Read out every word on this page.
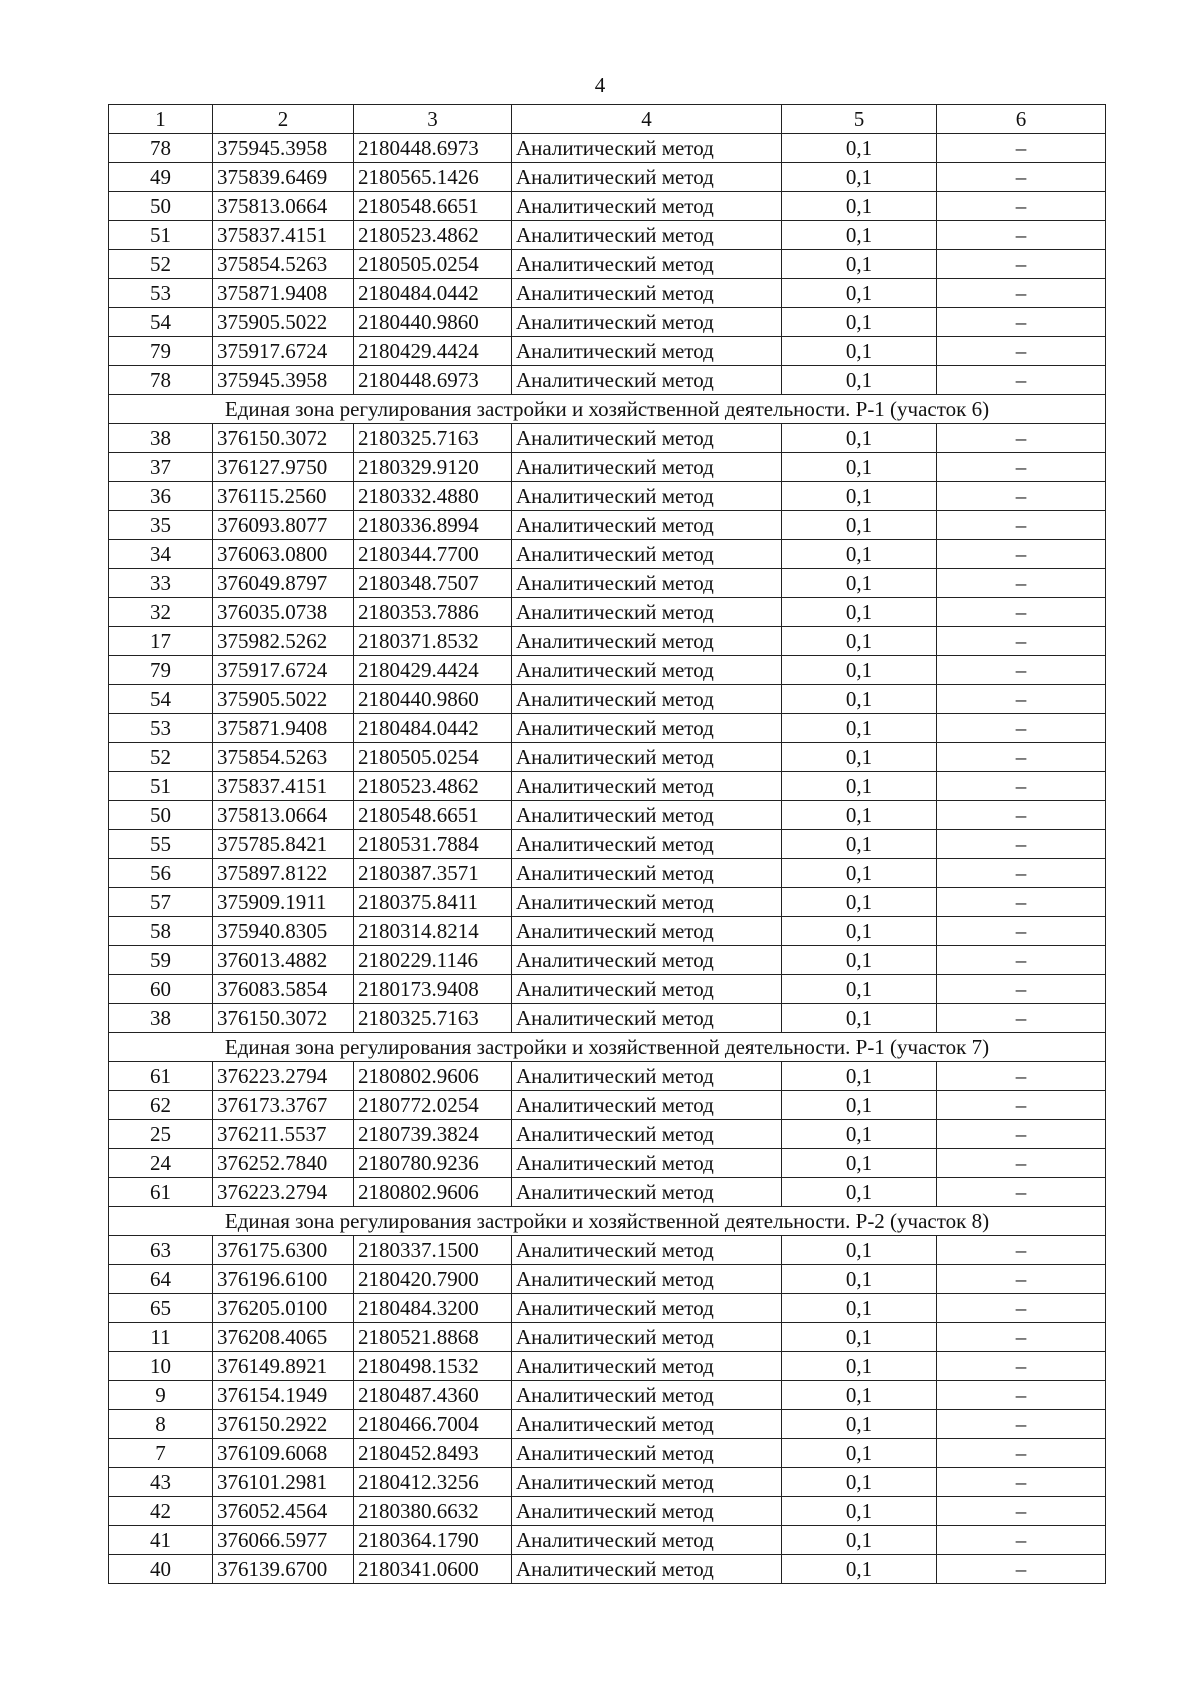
4
1	2	3	4	5	6
78	375945.3958	2180448.6973	Аналитический метод	0,1	–
49	375839.6469	2180565.1426	Аналитический метод	0,1	–
50	375813.0664	2180548.6651	Аналитический метод	0,1	–
51	375837.4151	2180523.4862	Аналитический метод	0,1	–
52	375854.5263	2180505.0254	Аналитический метод	0,1	–
53	375871.9408	2180484.0442	Аналитический метод	0,1	–
54	375905.5022	2180440.9860	Аналитический метод	0,1	–
79	375917.6724	2180429.4424	Аналитический метод	0,1	–
78	375945.3958	2180448.6973	Аналитический метод	0,1	–
Единая зона регулирования застройки и хозяйственной деятельности. Р-1 (участок 6)					
38	376150.3072	2180325.7163	Аналитический метод	0,1	–
37	376127.9750	2180329.9120	Аналитический метод	0,1	–
36	376115.2560	2180332.4880	Аналитический метод	0,1	–
35	376093.8077	2180336.8994	Аналитический метод	0,1	–
34	376063.0800	2180344.7700	Аналитический метод	0,1	–
33	376049.8797	2180348.7507	Аналитический метод	0,1	–
32	376035.0738	2180353.7886	Аналитический метод	0,1	–
17	375982.5262	2180371.8532	Аналитический метод	0,1	–
79	375917.6724	2180429.4424	Аналитический метод	0,1	–
54	375905.5022	2180440.9860	Аналитический метод	0,1	–
53	375871.9408	2180484.0442	Аналитический метод	0,1	–
52	375854.5263	2180505.0254	Аналитический метод	0,1	–
51	375837.4151	2180523.4862	Аналитический метод	0,1	–
50	375813.0664	2180548.6651	Аналитический метод	0,1	–
55	375785.8421	2180531.7884	Аналитический метод	0,1	–
56	375897.8122	2180387.3571	Аналитический метод	0,1	–
57	375909.1911	2180375.8411	Аналитический метод	0,1	–
58	375940.8305	2180314.8214	Аналитический метод	0,1	–
59	376013.4882	2180229.1146	Аналитический метод	0,1	–
60	376083.5854	2180173.9408	Аналитический метод	0,1	–
38	376150.3072	2180325.7163	Аналитический метод	0,1	–
Единая зона регулирования застройки и хозяйственной деятельности. Р-1 (участок 7)					
61	376223.2794	2180802.9606	Аналитический метод	0,1	–
62	376173.3767	2180772.0254	Аналитический метод	0,1	–
25	376211.5537	2180739.3824	Аналитический метод	0,1	–
24	376252.7840	2180780.9236	Аналитический метод	0,1	–
61	376223.2794	2180802.9606	Аналитический метод	0,1	–
Единая зона регулирования застройки и хозяйственной деятельности. Р-2 (участок 8)					
63	376175.6300	2180337.1500	Аналитический метод	0,1	–
64	376196.6100	2180420.7900	Аналитический метод	0,1	–
65	376205.0100	2180484.3200	Аналитический метод	0,1	–
11	376208.4065	2180521.8868	Аналитический метод	0,1	–
10	376149.8921	2180498.1532	Аналитический метод	0,1	–
9	376154.1949	2180487.4360	Аналитический метод	0,1	–
8	376150.2922	2180466.7004	Аналитический метод	0,1	–
7	376109.6068	2180452.8493	Аналитический метод	0,1	–
43	376101.2981	2180412.3256	Аналитический метод	0,1	–
42	376052.4564	2180380.6632	Аналитический метод	0,1	–
41	376066.5977	2180364.1790	Аналитический метод	0,1	–
40	376139.6700	2180341.0600	Аналитический метод	0,1	–
